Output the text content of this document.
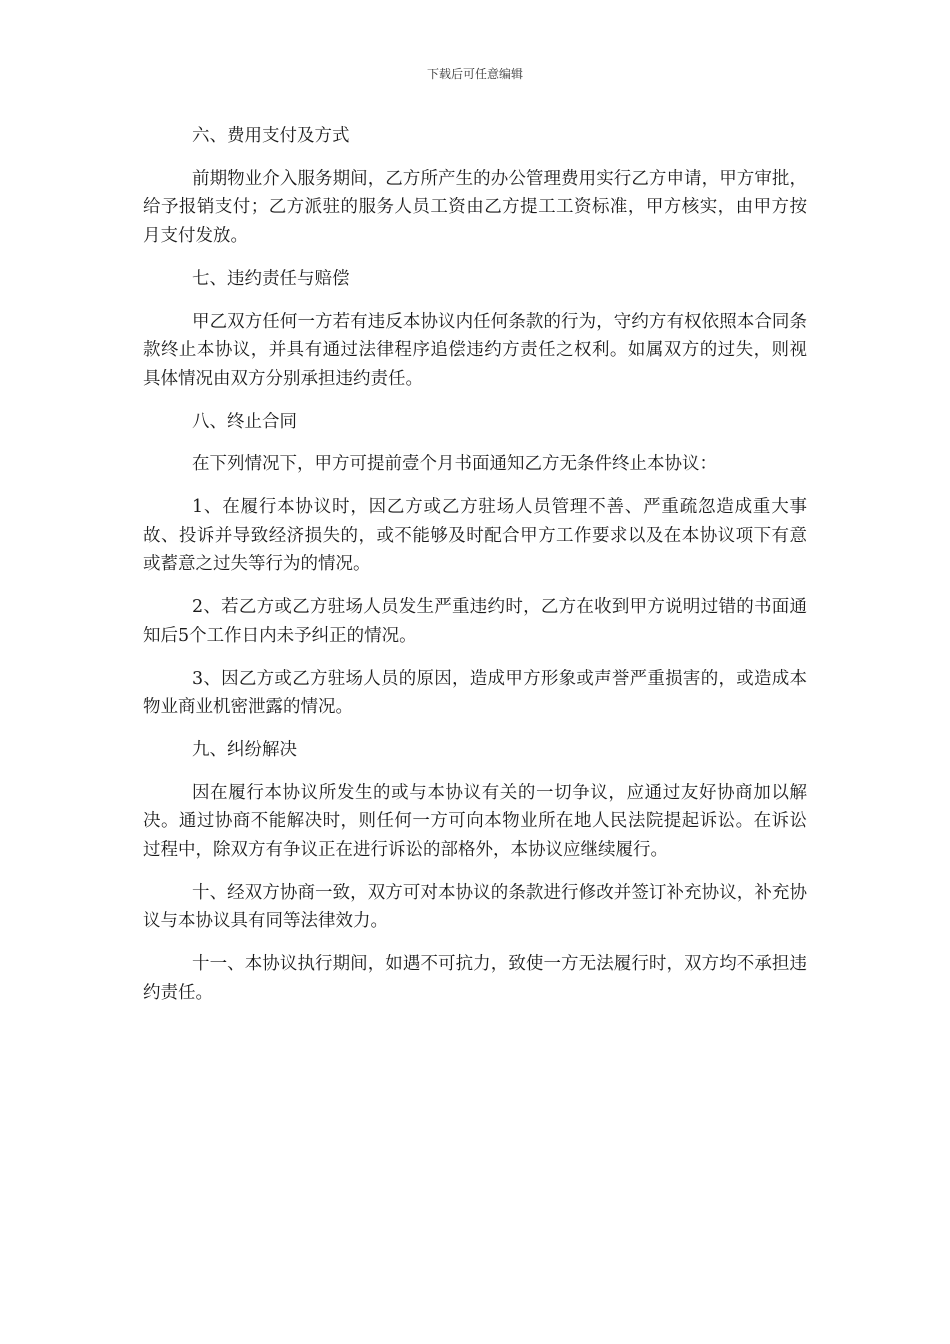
下载后可任意编辑

六、费用支付及方式

前期物业介入服务期间，乙方所产生的办公管理费用实行乙方申请，甲方审批，给予报销支付；乙方派驻的服务人员工资由乙方提工工资标准，甲方核实，由甲方按月支付发放。

七、违约责任与赔偿

甲乙双方任何一方若有违反本协议内任何条款的行为，守约方有权依照本合同条款终止本协议，并具有通过法律程序追偿违约方责任之权利。如属双方的过失，则视具体情况由双方分别承担违约责任。

八、终止合同

在下列情况下，甲方可提前壹个月书面通知乙方无条件终止本协议：

1、在履行本协议时，因乙方或乙方驻场人员管理不善、严重疏忽造成重大事故、投诉并导致经济损失的，或不能够及时配合甲方工作要求以及在本协议项下有意或蓄意之过失等行为的情况。

2、若乙方或乙方驻场人员发生严重违约时，乙方在收到甲方说明过错的书面通知后5个工作日内未予纠正的情况。

3、因乙方或乙方驻场人员的原因，造成甲方形象或声誉严重损害的，或造成本物业商业机密泄露的情况。

九、纠纷解决

因在履行本协议所发生的或与本协议有关的一切争议，应通过友好协商加以解决。通过协商不能解决时，则任何一方可向本物业所在地人民法院提起诉讼。在诉讼过程中，除双方有争议正在进行诉讼的部格外，本协议应继续履行。

十、经双方协商一致，双方可对本协议的条款进行修改并签订补充协议，补充协议与本协议具有同等法律效力。

十一、本协议执行期间，如遇不可抗力，致使一方无法履行时，双方均不承担违约责任。
